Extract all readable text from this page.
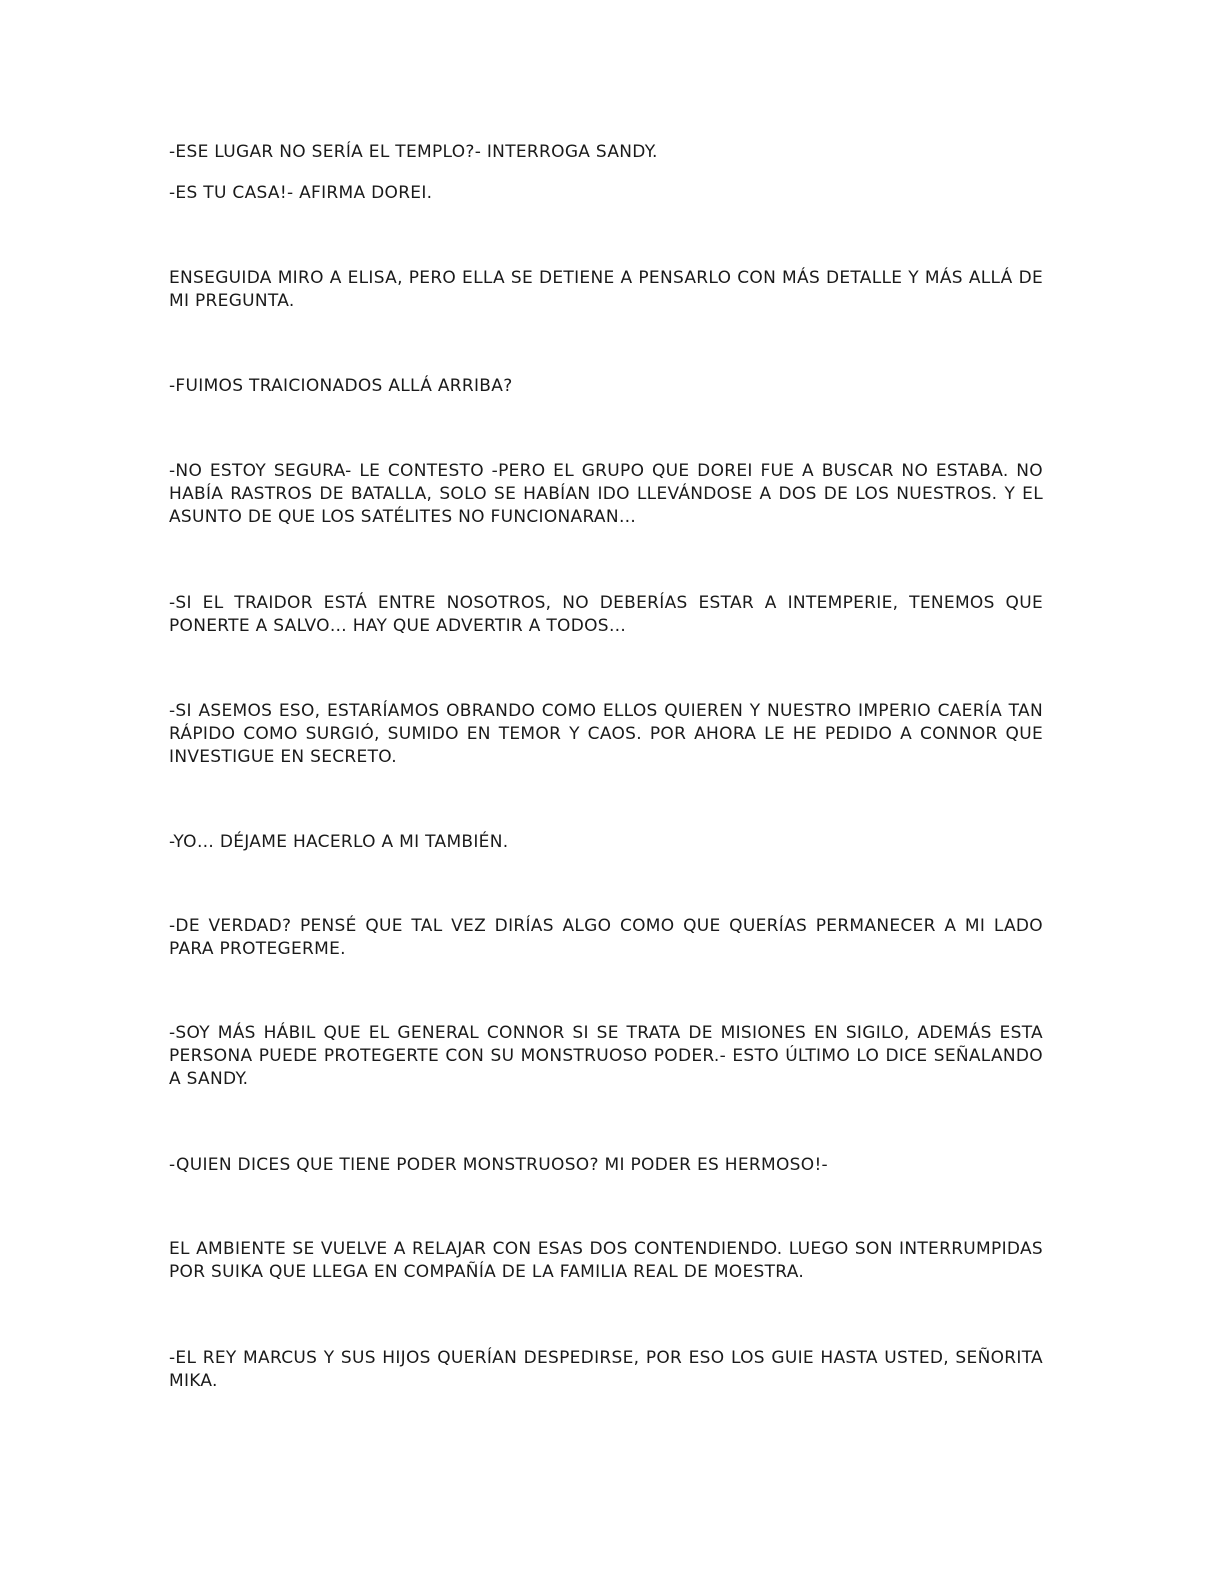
-ESE LUGAR NO SERÍA EL TEMPLO?- INTERROGA SANDY.

-ES TU CASA!- AFIRMA DOREI.

ENSEGUIDA MIRO A ELISA, PERO ELLA SE DETIENE A PENSARLO CON MÁS DETALLE Y MÁS ALLÁ DE MI PREGUNTA.

-FUIMOS TRAICIONADOS ALLÁ ARRIBA?

-NO ESTOY SEGURA- LE CONTESTO -PERO EL GRUPO QUE DOREI FUE A BUSCAR NO ESTABA. NO HABÍA RASTROS DE BATALLA, SOLO SE HABÍAN IDO LLEVÁNDOSE A DOS DE LOS NUESTROS. Y EL ASUNTO DE QUE LOS SATÉLITES NO FUNCIONARAN…

-SI EL TRAIDOR ESTÁ ENTRE NOSOTROS, NO DEBERÍAS ESTAR A INTEMPERIE, TENEMOS QUE PONERTE A SALVO… HAY QUE ADVERTIR A TODOS…

-SI ASEMOS ESO, ESTARÍAMOS OBRANDO COMO ELLOS QUIEREN Y NUESTRO IMPERIO CAERÍA TAN RÁPIDO COMO SURGIÓ, SUMIDO EN TEMOR Y CAOS. POR AHORA LE HE PEDIDO A CONNOR QUE INVESTIGUE EN SECRETO.

-YO… DÉJAME HACERLO A MI TAMBIÉN.

-DE VERDAD? PENSÉ QUE TAL VEZ DIRÍAS ALGO COMO QUE QUERÍAS PERMANECER A MI LADO PARA PROTEGERME.

-SOY MÁS HÁBIL QUE EL GENERAL CONNOR SI SE TRATA DE MISIONES EN SIGILO, ADEMÁS ESTA PERSONA PUEDE PROTEGERTE CON SU MONSTRUOSO PODER.- ESTO ÚLTIMO LO DICE SEÑALANDO A SANDY.

-QUIEN DICES QUE TIENE PODER MONSTRUOSO? MI PODER ES HERMOSO!-

EL AMBIENTE SE VUELVE A RELAJAR CON ESAS DOS CONTENDIENDO. LUEGO SON INTERRUMPIDAS POR SUIKA QUE LLEGA EN COMPAÑÍA DE LA FAMILIA REAL DE MOESTRA.

-EL REY MARCUS Y SUS HIJOS QUERÍAN DESPEDIRSE, POR ESO LOS GUIE HASTA USTED, SEÑORITA MIKA.
